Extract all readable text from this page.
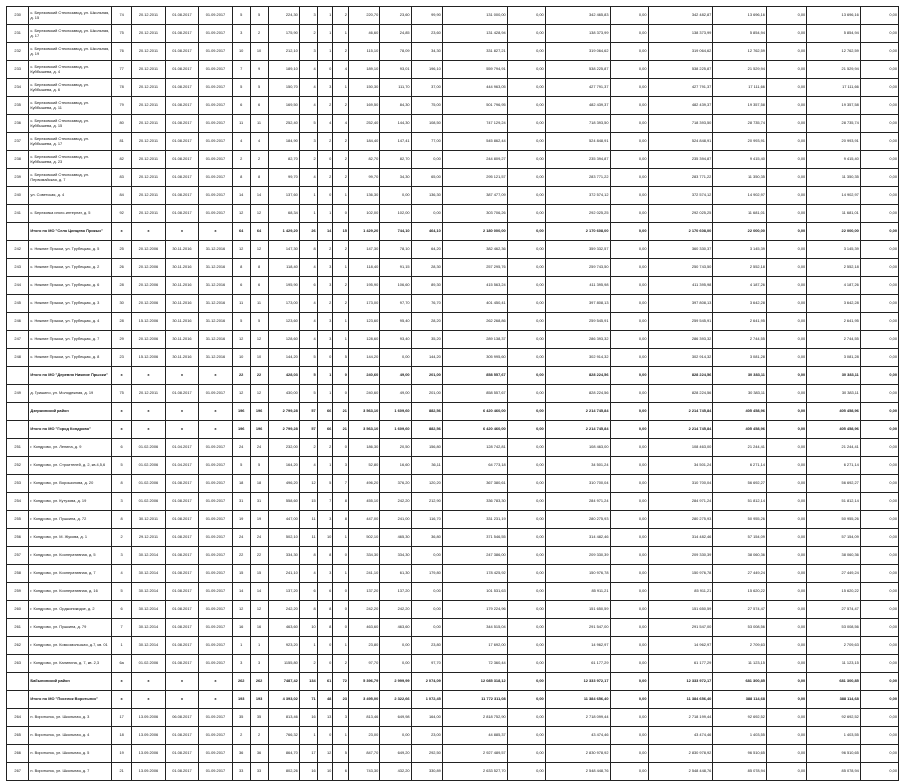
230	с. Березовский Стеклозавод, ул. Школьная, д. 15	74	20.12.2011	01.08.2017	01.09.2017	5	5	224,30	3	1	2	220,70	23,60	99,90	131 000,00	0,00	342 465,83	0,00	342 482,87	13 696,16	0,00	13 696,16	0,00
231	с. Березовский Стеклозавод, ул. Школьная, д. 17	75	20.12.2011	01.08.2017	01.09.2017	3	2	175,90	2	1	1	46,60	24,85	23,60	131 428,94	0,00	138 373,99	0,00	138 373,99	5 854,94	0,00	5 854,94	0,00
232	с. Березовский Стеклозавод, ул. Школьная, д. 19	76	20.12.2011	01.08.2017	01.09.2017	10	10	212,10	3	1	2	115,10	78,09	34,30	331 827,21	0,00	319 064,62	0,00	319 064,62	12 762,59	0,00	12 762,59	0,00
233	с. Березовский Стеклозавод, ул. Куйбышева, д. 4	77	20.12.2011	01.08.2017	01.09.2017	7	9	189,10	4	0	4	189,10	93,01	196,10	559 794,91	0,00	538 225,87	0,00	538 225,87	21 529,94	0,00	21 529,94	0,00
234	с. Березовский Стеклозавод, ул. Куйбышева, д. 6	78	20.12.2011	01.08.2017	01.09.2017	5	5	150,70	4	3	1	150,30	111,70	37,00	444 963,05	0,00	427 791,37	0,00	427 791,37	17 111,66	0,00	17 111,66	0,00
235	с. Березовский Стеклозавод, ул. Куйбышева, д. 11	79	20.12.2011	01.08.2017	01.09.2017	6	6	169,50	4	2	2	169,50	84,30	75,00	501 796,95	0,00	482 439,37	0,00	482 439,37	19 357,58	0,00	19 357,58	0,00
236	с. Березовский Стеклозавод, ул. Куйбышева, д. 15	80	20.12.2011	01.08.2017	01.09.2017	11	11	252,40	5	4	4	252,40	144,30	108,50	747 129,24	0,00	718 393,50	0,00	718 393,50	28 735,74	0,00	28 735,74	0,00
237	с. Березовский Стеклозавод, ул. Куйбышева, д. 17	81	20.12.2011	01.08.2017	01.09.2017	4	4	184,90	3	2	2	184,40	147,41	77,00	545 862,44	0,00	524 848,91	0,00	524 848,91	20 993,91	0,00	20 993,91	0,00
238	с. Березовский Стеклозавод, ул. Куйбышева, д. 23	82	20.12.2011	01.08.2017	01.09.2017	2	2	82,70	2	0	2	82,70	82,70	0,00	244 809,27	0,00	235 394,87	0,00	235 394,87	9 415,40	0,00	9 415,40	0,00
239	с. Березовский Стеклозавод, ул. Первомайская, д. 7	83	20.12.2011	01.08.2017	01.09.2017	8	8	99,70	4	2	2	99,70	34,30	65,00	295 121,57	0,00	283 771,22	0,00	283 771,22	11 350,35	0,00	11 350,35	0,00
240	ул. Советская, д. 4	84	20.12.2011	01.08.2017	01.09.2017	14	14	137,60	1	0	1	136,30	0,00	136,30	387 477,09	0,00	372 574,12	0,00	372 574,12	14 902,97	0,00	14 902,97	0,00
241	с. Березовка иного-интернат, д. 5	92	20.12.2011	01.08.2017	01.09.2017	12	12	68,34	1	1	0	102,00	102,00	0,00	303 706,26	0,00	292 025,25	0,00	292 025,25	11 681,01	0,00	11 681,01	0,00
	Итого по МО "Село Цинцево Прикыз"	x	x	x	x	64	64	1 429,20	26	14	15	1 429,20	744,10	464,10	2 180 000,00	0,00	2 170 608,00	0,00	2 170 608,00	22 000,00	0,00	22 000,00	0,00
242	с. Нижние Прыски, ул. Трубецкая, д. 5	25	20.12.2006	30.11.2016	31.12.2016	12	12	147,30	8	2	2	147,30	78,10	64,20	382 462,36	0,00	359 332,57	0,00	360 330,37	3 145,39	0,00	3 145,39	0,00
243	с. Нижние Прыски, ул. Трубецкая, д. 2	26	20.12.2006	30.11.2016	31.12.2016	8	8	118,40	4	3	1	118,40	91,15	28,30	257 295,76	0,00	259 743,50	0,00	250 743,50	2 552,18	0,00	2 552,18	0,00
244	с. Нижние Прыски, ул. Трубецкая, д. 6	28	20.12.2006	30.11.2016	31.12.2016	6	6	195,90	6	3	2	195,90	106,60	89,30	415 563,24	0,00	411 395,98	0,00	411 395,98	4 187,26	0,00	4 187,26	0,00
245	с. Нижние Прыски, ул. Трубецкая, д. 3	30	20.12.2006	30.11.2016	31.12.2016	11	11	173,00	4	2	2	173,00	97,70	76,70	401 450,41	0,00	397 808,13	0,00	397 808,13	3 642,28	0,00	3 642,28	0,00
246	с. Нижние Прыски, ул. Трубецкая, д. 4	28	15.12.2006	30.11.2016	31.12.2016	5	5	123,60	4	3	1	123,60	95,40	28,20	262 268,86	0,00	259 545,91	0,00	259 545,91	2 641,95	0,00	2 641,95	0,00
247	с. Нижние Прыски, ул. Трубецкая, д. 7	29	20.12.2006	30.11.2016	31.12.2016	12	12	128,60	4	3	1	128,60	93,40	35,20	289 138,37	0,00	286 393,32	0,00	286 393,32	2 744,55	0,00	2 744,55	0,00
248	с. Нижние Прыски, ул. Трубецкая, д. 8	23	15.12.2006	30.11.2016	31.12.2016	10	10	144,20	5	0	5	144,20	0,00	144,20	305 995,60	0,00	302 914,32	0,00	302 914,32	3 081,28	0,00	3 081,28	0,00
	Итого по МО "Деревня Нижние Прыски"	x	x	x	x	22	22	428,03	5	1	0	240,60	49,00	201,00	858 557,67	0,00	828 224,56	0,00	828 224,56	30 383,11	0,00	30 383,11	0,00
249	д. Гришино, ул. Молодежная, д. 19	75	20.12.2011	01.08.2017	01.09.2017	12	12	430,00	5	1	0	240,60	49,00	201,00	858 557,67	0,00	828 224,56	0,00	828 224,56	30 383,11	0,00	30 383,11	0,00
	Дзержинский район	x	x	x	x	196	196	2 799,28	57	66	21	3 563,10	1 609,60	882,56	6 420 460,00	0,00	2 214 745,84	0,00	2 214 745,84	405 458,96	0,00	405 458,96	0,00
	Итого по МО "Город Кондрово"	x	x	x	x	196	196	2 799,28	57	66	21	3 563,10	1 609,60	882,56	6 420 460,00	0,00	2 214 745,84	0,00	2 214 745,84	405 458,96	0,00	405 458,96	0,00
251	г. Кондрово, ул. Ленина, д. 9	6	01.02.2006	01.04.2017	01.09.2017	24	24	232,00	2	2	0	186,30	20,50	156,80	128 742,81	0,00	108 463,00	0,00	108 463,00	21 244,41	0,00	21 244,41	0,00
252	г. Кондрово, ул. Строителей, д. 2, кв.4,5,6	5	01.02.2006	01.04.2017	01.09.2017	5	5	164,20	4	1	3	52,80	16,60	36,11	64 773,18	0,00	34 501,24	0,00	34 501,24	6 271,14	0,00	6 271,14	0,00
253	г. Кондрово, ул. Ворошилова, д. 20	8	01.02.2006	01.08.2017	01.09.2017	18	18	496,20	12	5	7	496,20	376,20	120,20	367 380,61	0,00	310 700,04	0,00	310 700,04	56 692,27	0,00	56 692,27	0,00
254	г. Кондрово, ул. Кутузова, д. 19	3	01.02.2006	01.08.2017	01.09.2017	31	31	558,60	15	7	8	455,10	242,20	212,90	336 783,30	0,00	284 971,24	0,00	284 971,24	51 812,14	0,00	51 812,14	0,00
255	г. Кондрово, ул. Пушкина, д. 72	8	30.12.2011	01.08.2017	01.09.2017	19	19	447,00	11	3	8	447,00	241,00	116,70	331 231,19	0,00	280 275,93	0,00	280 275,93	50 955,26	0,00	50 955,26	0,00
256	г. Кондрово, ул. М. Жукова, д. 1	2	29.12.2011	01.08.2017	01.09.2017	24	24	502,10	11	10	1	502,10	465,30	36,80	371 546,55	0,00	314 482,46	0,00	314 482,46	57 154,09	0,00	57 154,09	0,00
257	г. Кондрово, ул. Кооперативная, д. 5	3	30.12.2014	01.08.2017	01.09.2017	22	22	334,30	8	8	0	334,30	334,30	0,00	247 386,00	0,00	209 330,39	0,00	209 330,39	38 060,36	0,00	38 060,36	0,00
258	г. Кондрово, ул. Кооперативная, д. 7	4	30.12.2014	01.08.2017	01.09.2017	15	15	241,10	4	3	1	241,10	61,30	179,80	178 425,92	0,00	150 976,78	0,00	150 976,78	27 449,24	0,00	27 449,24	0,00
259	г. Кондрово, ул. Кооперативная, д. 16	5	30.12.2014	01.08.2017	01.09.2017	14	14	137,20	6	6	0	137,20	137,20	0,00	101 531,63	0,00	85 911,21	0,00	85 911,21	15 620,22	0,00	15 620,22	0,00
260	г. Кондрово, ул. Орджоникидзе, д. 2	6	30.12.2014	01.08.2017	01.09.2017	12	12	242,20	8	8	0	242,20	242,20	0,00	179 224,96	0,00	151 650,59	0,00	151 650,59	27 574,47	0,00	27 574,47	0,00
261	г. Кондрово, ул. Пушкина, д. 79	7	30.12.2014	01.08.2017	01.09.2017	16	16	463,60	10	8	0	463,60	463,60	0,00	344 515,04	0,00	291 547,00	0,00	291 547,00	53 008,56	0,00	53 008,56	0,00
262	г. Кондрово, ул. Комсомольская, д.7, кв. 01	1	30.12.2014	01.08.2017	01.09.2017	1	1	923,20	1	0	1	23,80	0,00	23,80	17 692,00	0,00	14 962,97	0,00	14 962,97	2 709,63	0,00	2 709,63	0,00
263	г. Кондрово, ул. Калинина, д. 7, кв. 2,3	6а	01.02.2006	01.08.2017	01.09.2017	3	3	1155,80	2	0	2	97,70	0,00	97,70	72 360,44	0,00	61 177,29	0,00	61 177,29	11 123,15	0,00	11 123,15	0,00
	Бабынинский район	x	x	x	x	262	262	7487,42	134	61	72	5 396,79	2 999,99	2 074,09	12 085 318,12	0,00	12 333 972,17	0,00	12 333 972,17	681 300,85	0,00	681 300,85	0,00
	Итого по МО "Поселок Воротынск"	x	x	x	x	193	193	4 393,02	71	48	23	3 495,00	2 322,66	1 072,45	11 772 311,08	0,00	11 384 656,40	0,00	11 384 656,40	388 114,68	0,00	388 114,68	0,00
264	п. Воротынск, ул. Школьная, д. 3	17	13.09.2006	06.08.2017	01.09.2017	35	35	813,46	16	13	3	813,46	649,98	164,00	2 818 752,90	0,00	2 718 099,44	0,00	2 718 199,44	92 692,52	0,00	92 692,52	0,00
265	п. Воротынск, ул. Школьная, д. 4	18	13.09.2006	01.08.2017	01.09.2017	2	2	766,32	1	0	1	23,00	0,00	23,00	44 885,37	0,00	43 474,46	0,00	43 474,46	1 403,55	0,00	1 403,55	0,00
266	п. Воротынск, ул. Школьная, д. 5	19	13.09.2006	01.08.2017	01.09.2017	36	36	864,70	17	12	5	847,70	649,20	292,50	2 927 489,57	0,00	2 830 978,92	0,00	2 830 978,92	96 510,65	0,00	96 510,65	0,00
267	п. Воротынск, ул. Школьная, д. 7	21	13.09.2006	01.08.2017	01.09.2017	33	33	802,26	16	10	6	743,30	432,20	330,89	2 633 527,70	0,00	2 548 448,76	0,00	2 548 448,76	85 078,94	0,00	85 078,94	0,00
